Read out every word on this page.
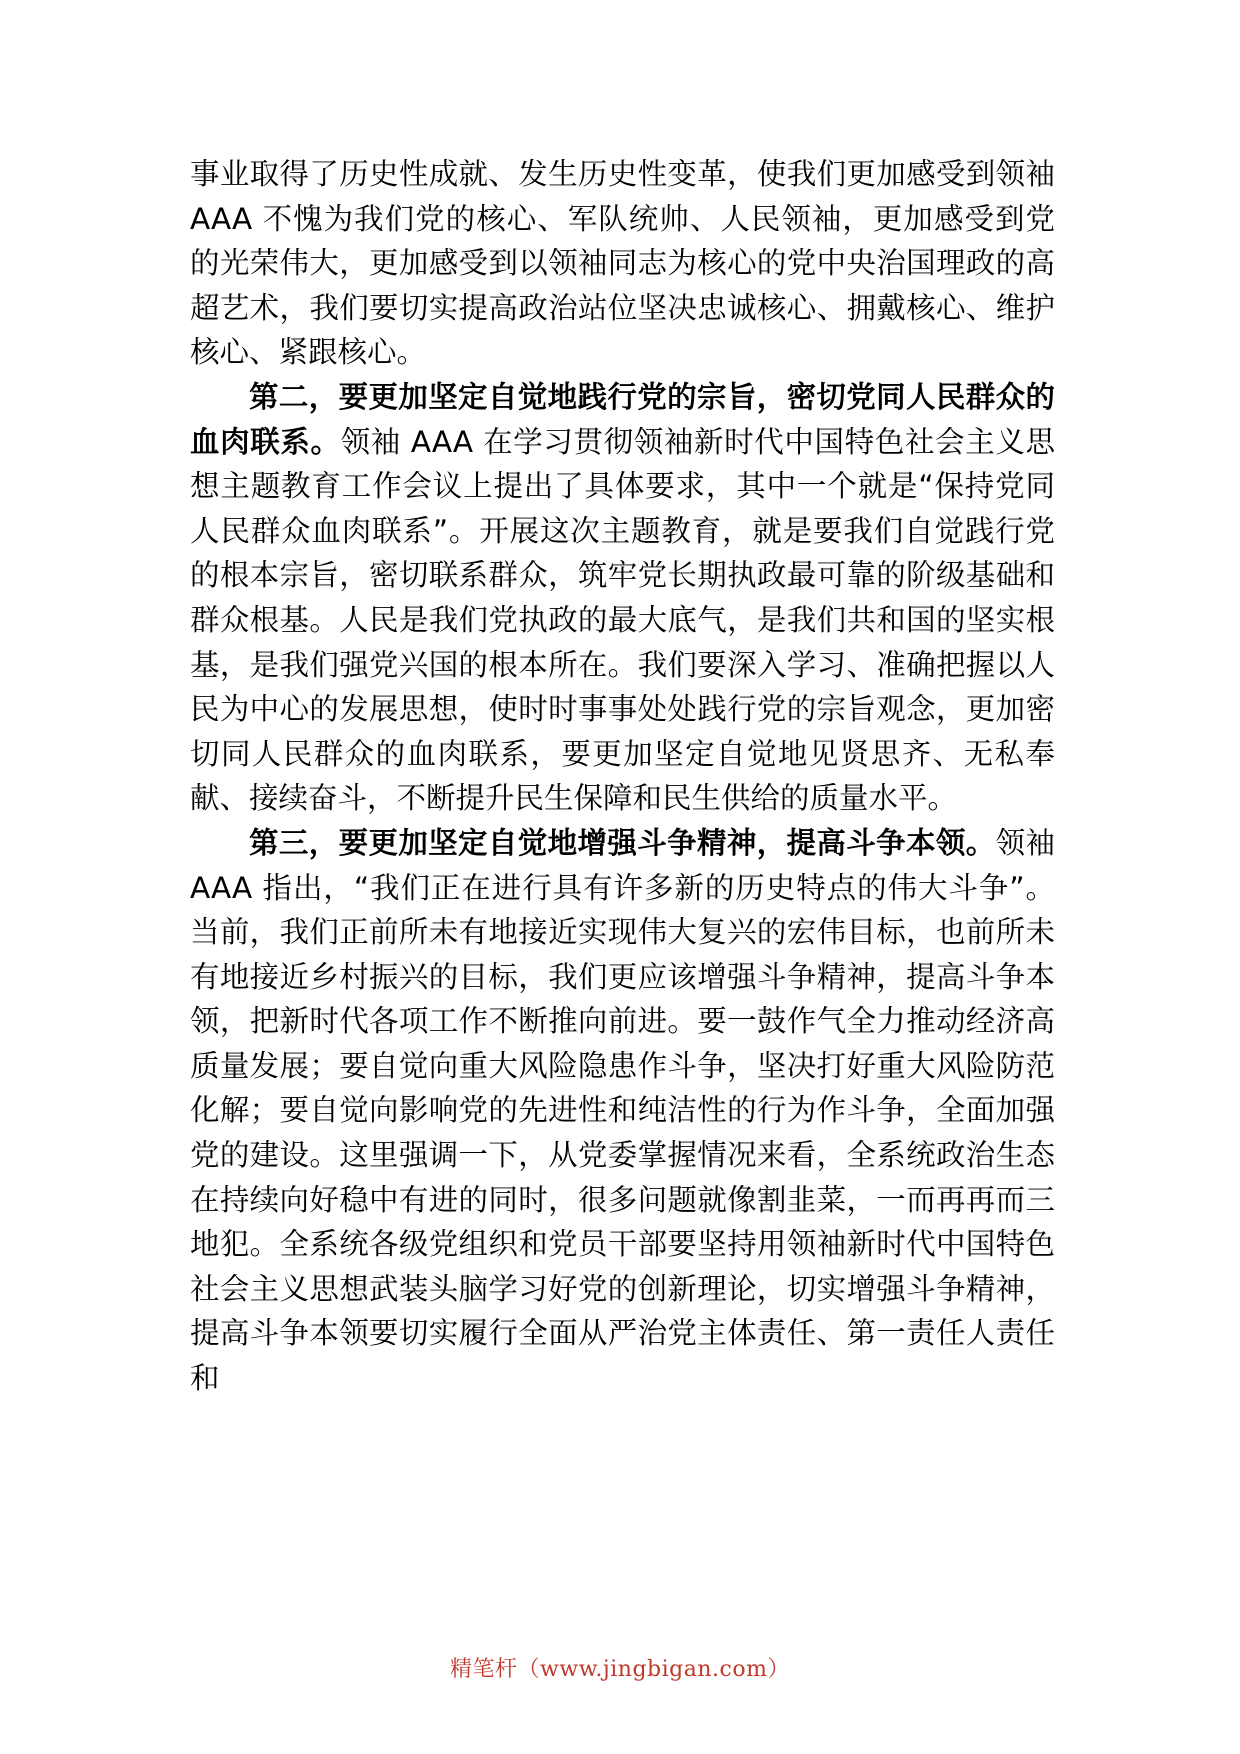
事业取得了历史性成就、发生历史性变革，使我们更加感受到领袖 AAA 不愧为我们党的核心、军队统帅、人民领袖，更加感受到党的光荣伟大，更加感受到以领袖同志为核心的党中央治国理政的高超艺术，我们要切实提高政治站位坚决忠诚核心、拥戴核心、维护核心、紧跟核心。

第二，要更加坚定自觉地践行党的宗旨，密切党同人民群众的血肉联系。领袖 AAA 在学习贯彻领袖新时代中国特色社会主义思想主题教育工作会议上提出了具体要求，其中一个就是“保持党同人民群众血肉联系”。开展这次主题教育，就是要我们自觉践行党的根本宗旨，密切联系群众，筑牢党长期执政最可靠的阶级基础和群众根基。人民是我们党执政的最大底气，是我们共和国的坚实根基，是我们强党兴国的根本所在。我们要深入学习、准确把握以人民为中心的发展思想，使时时事事处处践行党的宗旨观念，更加密切同人民群众的血肉联系，要更加坚定自觉地见贤思齐、无私奉献、接续奋斗，不断提升民生保障和民生供给的质量水平。

第三，要更加坚定自觉地增强斗争精神，提高斗争本领。领袖 AAA 指出，“我们正在进行具有许多新的历史特点的伟大斗争”。当前，我们正前所未有地接近实现伟大复兴的宏伟目标，也前所未有地接近乡村振兴的目标，我们更应该增强斗争精神，提高斗争本领，把新时代各项工作不断推向前进。要一鼓作气全力推动经济高质量发展；要自觉向重大风险隐患作斗争，坚决打好重大风险防范化解；要自觉向影响党的先进性和纯洁性的行为作斗争，全面加强党的建设。这里强调一下，从党委掌握情况来看，全系统政治生态在持续向好稳中有进的同时，很多问题就像割韭菜，一而再再而三地犯。全系统各级党组织和党员干部要坚持用领袖新时代中国特色社会主义思想武装头脑学习好党的创新理论，切实增强斗争精神，提高斗争本领要切实履行全面从严治党主体责任、第一责任人责任和

精笔杆（www.jingbigan.com）
